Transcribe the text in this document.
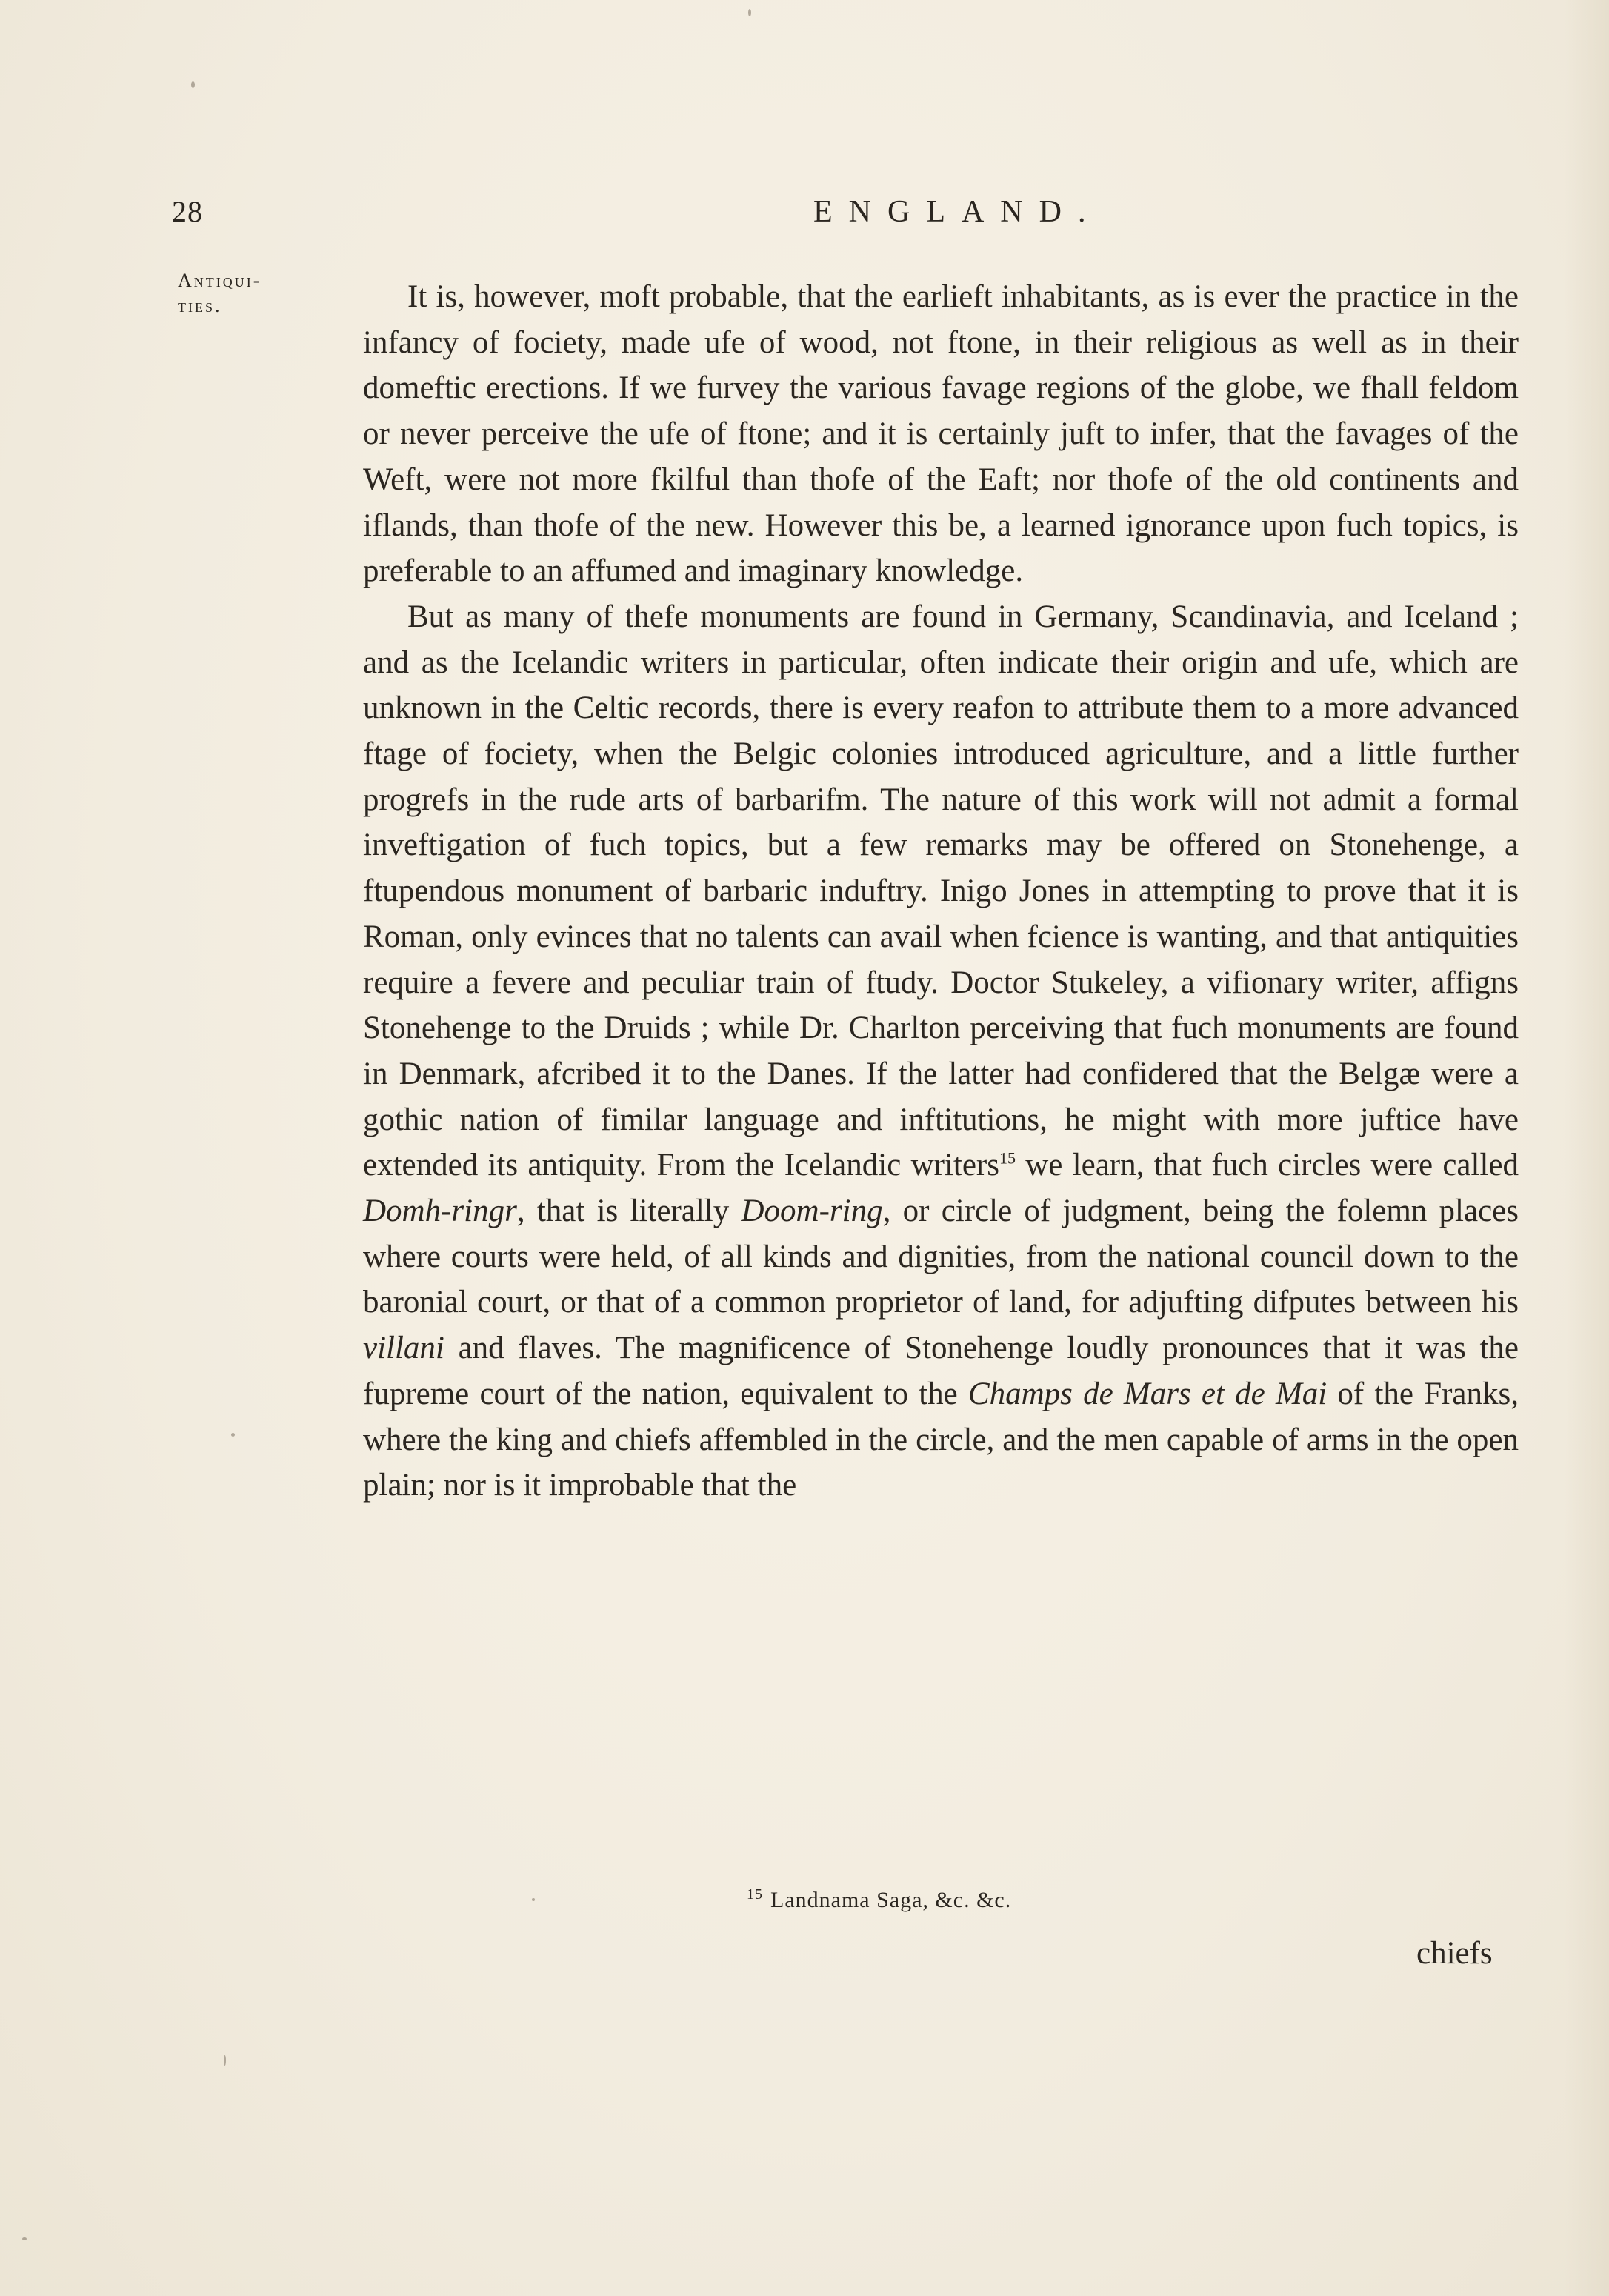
28	ENGLAND.
Antiqui-
ties.	It is, however, moft probable, that the earlieft inhabitants, as is ever the practice in the infancy of fociety, made ufe of wood, not ftone, in their religious as well as in their domeftic erections. If we furvey the various favage regions of the globe, we fhall feldom or never perceive the ufe of ftone; and it is certainly juft to infer, that the favages of the Weft, were not more fkilful than thofe of the Eaft; nor thofe of the old continents and iflands, than thofe of the new. However this be, a learned ignorance upon fuch topics, is preferable to an affumed and imaginary knowledge.

But as many of thefe monuments are found in Germany, Scandinavia, and Iceland ; and as the Icelandic writers in particular, often indicate their origin and ufe, which are unknown in the Celtic records, there is every reafon to attribute them to a more advanced ftage of fociety, when the Belgic colonies introduced agriculture, and a little further progrefs in the rude arts of barbarifm. The nature of this work will not admit a formal inveftigation of fuch topics, but a few remarks may be offered on Stonehenge, a ftupendous monument of barbaric induftry. Inigo Jones in attempting to prove that it is Roman, only evinces that no talents can avail when fcience is wanting, and that antiquities require a fevere and peculiar train of ftudy. Doctor Stukeley, a vifionary writer, affigns Stonehenge to the Druids ; while Dr. Charlton perceiving that fuch monuments are found in Denmark, afcribed it to the Danes. If the latter had confidered that the Belgæ were a gothic nation of fimilar language and inftitutions, he might with more juftice have extended its antiquity. From the Icelandic writers$^{15}$ we learn, that fuch circles were called Domh-ringr, that is literally Doom-ring, or circle of judgment, being the folemn places where courts were held, of all kinds and dignities, from the national council down to the baronial court, or that of a common proprietor of land, for adjufting difputes between his villani and flaves. The magnificence of Stonehenge loudly pronounces that it was the fupreme court of the nation, equivalent to the Champs de Mars et de Mai of the Franks, where the king and chiefs affembled in the circle, and the men capable of arms in the open plain; nor is it improbable that the

$^{15}$ Landnama Saga, &c. &c.
chiefs
